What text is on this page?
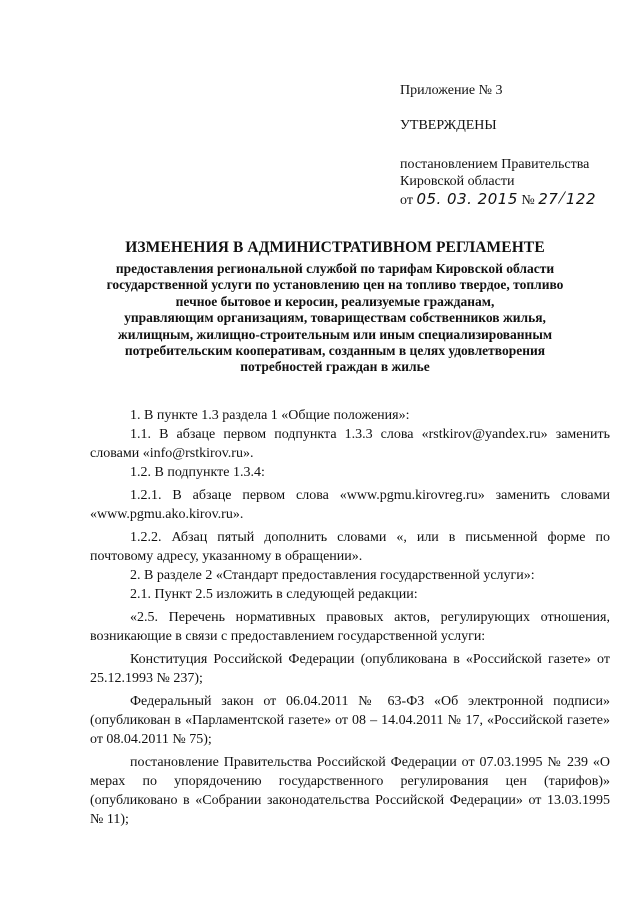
Приложение № 3
УТВЕРЖДЕНЫ
постановлением Правительства
Кировской области
от 05. 03. 2015 № 27/122
ИЗМЕНЕНИЯ В АДМИНИСТРАТИВНОМ РЕГЛАМЕНТЕ
предоставления региональной службой по тарифам Кировской области
государственной услуги по установлению цен на топливо твердое, топливо
печное бытовое и керосин, реализуемые гражданам,
управляющим организациям, товариществам собственников жилья,
жилищным, жилищно-строительным или иным специализированным
потребительским кооперативам, созданным в целях удовлетворения
потребностей граждан в жилье
1. В пункте 1.3 раздела 1 «Общие положения»:
1.1. В абзаце первом подпункта 1.3.3 слова «rstkirov@yandex.ru» заменить словами «info@rstkirov.ru».
1.2. В подпункте 1.3.4:
1.2.1. В абзаце первом слова «www.pgmu.kirovreg.ru» заменить словами «www.pgmu.ako.kirov.ru».
1.2.2. Абзац пятый дополнить словами «, или в письменной форме по почтовому адресу, указанному в обращении».
2. В разделе 2 «Стандарт предоставления государственной услуги»:
2.1. Пункт 2.5 изложить в следующей редакции:
«2.5. Перечень нормативных правовых актов, регулирующих отношения, возникающие в связи с предоставлением государственной услуги:
Конституция Российской Федерации (опубликована в «Российской газете» от 25.12.1993 № 237);
Федеральный закон от 06.04.2011 № 63-ФЗ «Об электронной подписи» (опубликован в «Парламентской газете» от 08 – 14.04.2011 № 17, «Российской газете» от 08.04.2011 № 75);
постановление Правительства Российской Федерации от 07.03.1995 № 239 «О мерах по упорядочению государственного регулирования цен (тарифов)» (опубликовано в «Собрании законодательства Российской Федерации» от 13.03.1995 № 11);
